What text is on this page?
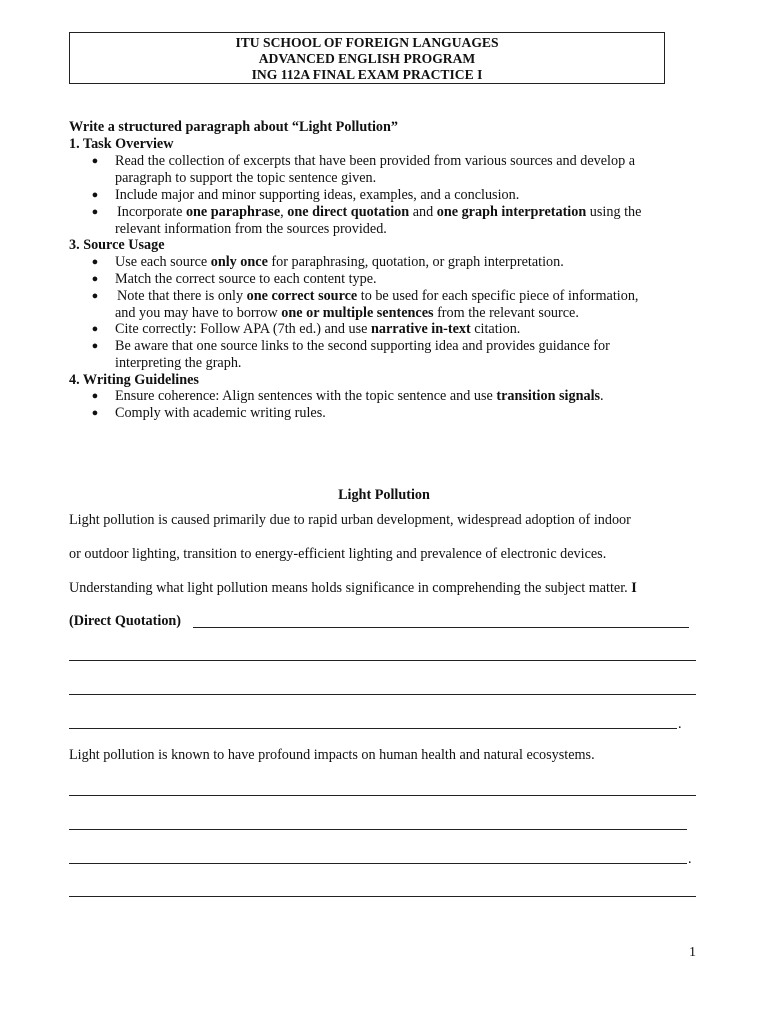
ITU SCHOOL OF FOREIGN LANGUAGES
ADVANCED ENGLISH PROGRAM
ING 112A FINAL EXAM PRACTICE I
Write a structured paragraph about “Light Pollution”
1. Task Overview
● Read the collection of excerpts that have been provided from various sources and develop a
paragraph to support the topic sentence given.
● Include major and minor supporting ideas, examples, and a conclusion.
● Incorporate one paraphrase, one direct quotation and one graph interpretation using the
relevant information from the sources provided.
3. Source Usage
● Use each source only once for paraphrasing, quotation, or graph interpretation.
● Match the correct source to each content type.
● Note that there is only one correct source to be used for each specific piece of information,
and you may have to borrow one or multiple sentences from the relevant source.
● Cite correctly: Follow APA (7th ed.) and use narrative in-text citation.
● Be aware that one source links to the second supporting idea and provides guidance for
interpreting the graph.
4. Writing Guidelines
● Ensure coherence: Align sentences with the topic sentence and use transition signals.
● Comply with academic writing rules.
Light Pollution
Light pollution is caused primarily due to rapid urban development, widespread adoption of indoor
or outdoor lighting, transition to energy-efficient lighting and prevalence of electronic devices.
Understanding what light pollution means holds significance in comprehending the subject matter. I
(Direct Quotation)
.
Light pollution is known to have profound impacts on human health and natural ecosystems.
.
1
